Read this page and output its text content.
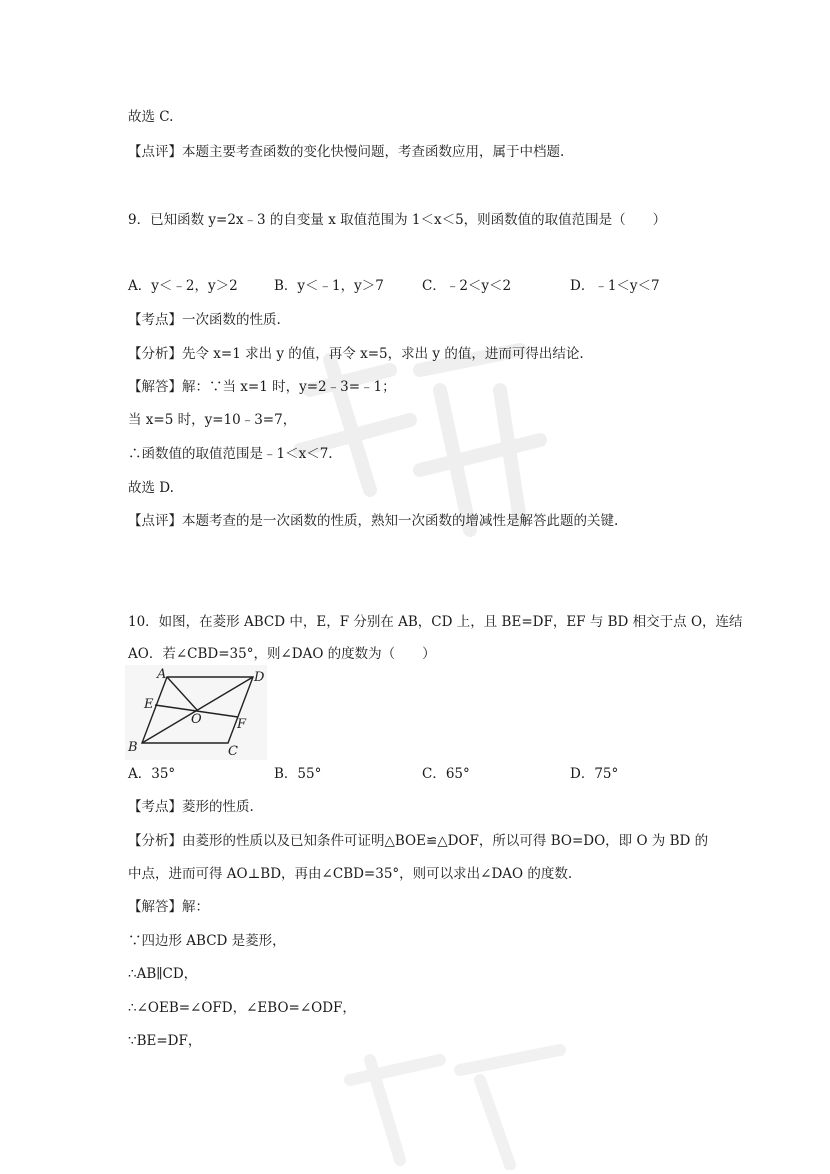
故选 C.
【点评】本题主要考查函数的变化快慢问题，考查函数应用，属于中档题.
9．已知函数 y=2x﹣3 的自变量 x 取值范围为 1＜x＜5，则函数值的取值范围是（　　）
A．y＜﹣2，y＞2	B．y＜﹣1，y＞7	C．﹣2＜y＜2	D．﹣1＜y＜7
【考点】一次函数的性质.
【分析】先令 x=1 求出 y 的值，再令 x=5，求出 y 的值，进而可得出结论.
【解答】解：∵当 x=1 时，y=2﹣3=﹣1；
当 x=5 时，y=10﹣3=7，
∴函数值的取值范围是﹣1＜x＜7.
故选 D.
【点评】本题考查的是一次函数的性质，熟知一次函数的增减性是解答此题的关键.
10．如图，在菱形 ABCD 中，E，F 分别在 AB，CD 上，且 BE=DF，EF 与 BD 相交于点 O，连结
AO．若∠CBD=35°，则∠DAO 的度数为（　　）
A	D
E
O	F
B	C
A．35°	B．55°	C．65°	D．75°
【考点】菱形的性质.
【分析】由菱形的性质以及已知条件可证明△BOE≌△DOF，所以可得 BO=DO，即 O 为 BD 的
中点，进而可得 AO⊥BD，再由∠CBD=35°，则可以求出∠DAO 的度数.
【解答】解：
∵四边形 ABCD 是菱形，
∴AB∥CD，
∴∠OEB=∠OFD，∠EBO=∠ODF，
∵BE=DF，
